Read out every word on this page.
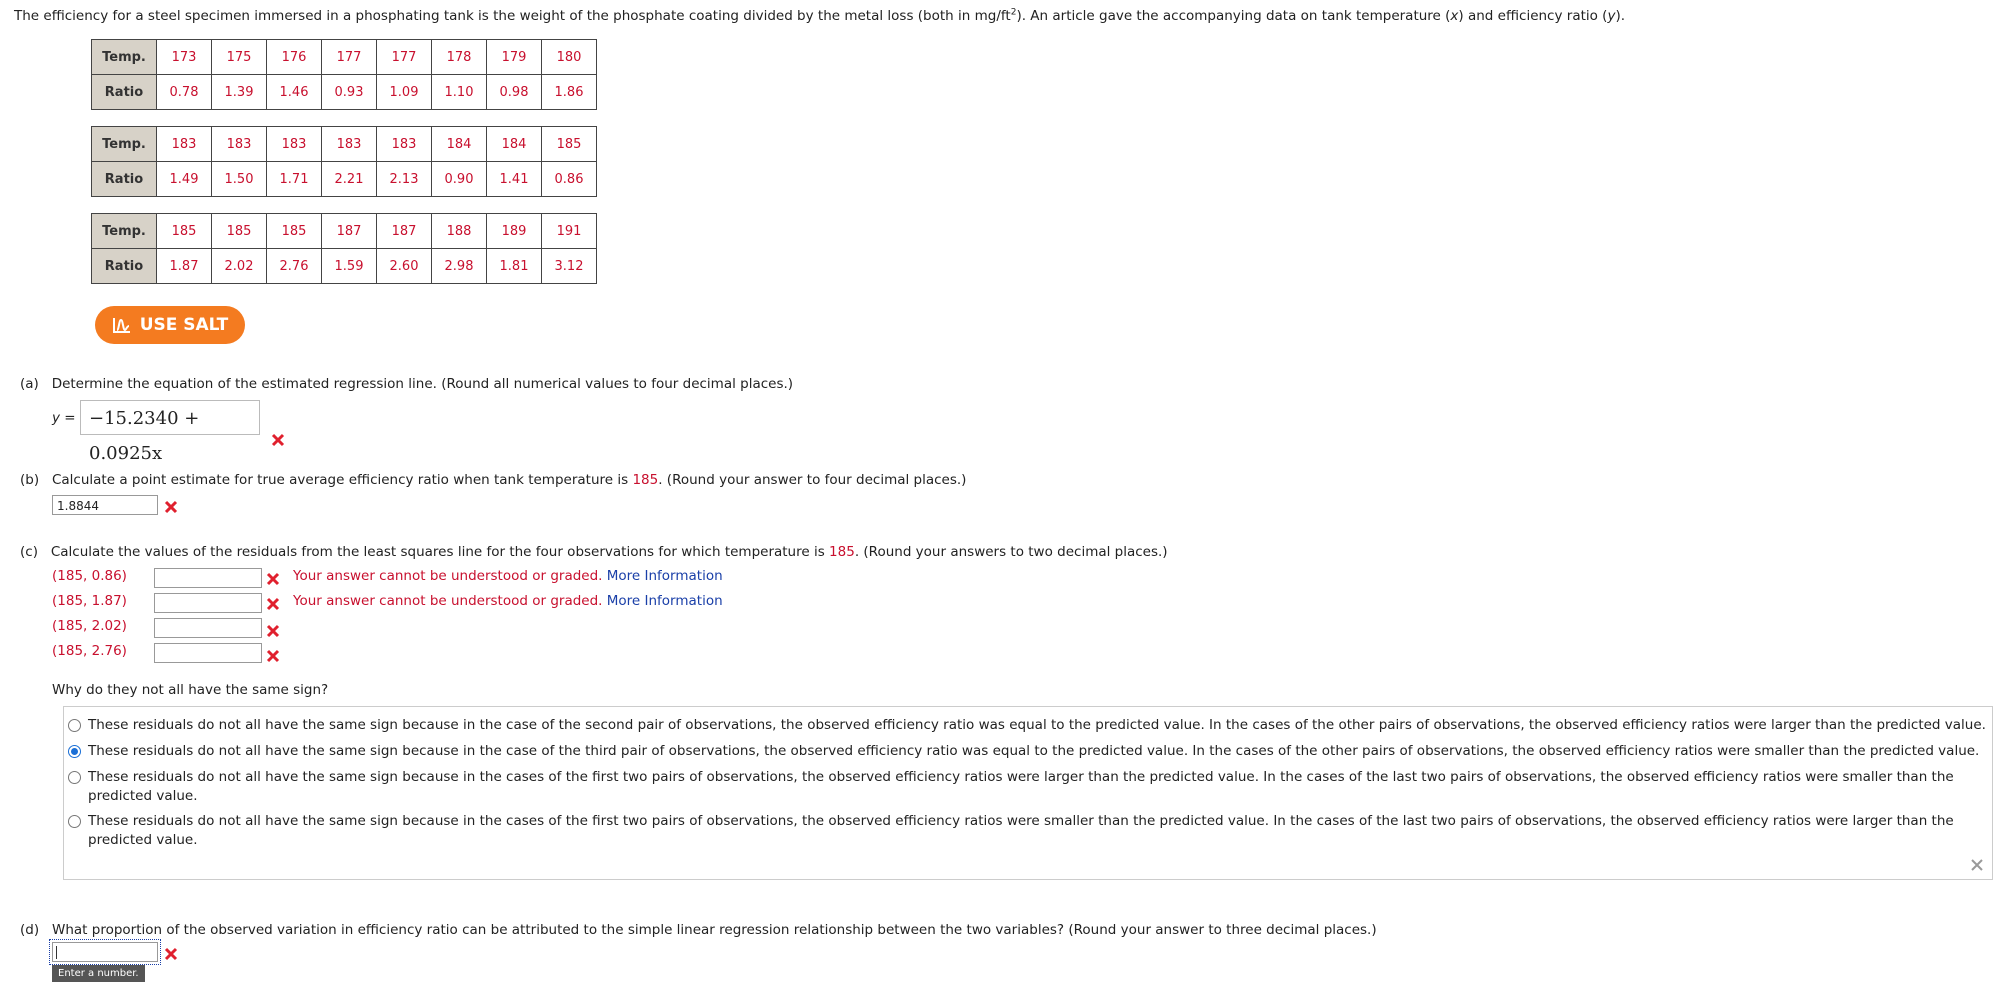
The efficiency for a steel specimen immersed in a phosphating tank is the weight of the phosphate coating divided by the metal loss (both in $mg/ft^2$). An article gave the accompanying data on tank temperature (x) and efficiency ratio (y).
Temp.	173	175	176	177	177	178	179	180
Ratio	0.78	1.39	1.46	0.93	1.09	1.10	0.98	1.86
Temp.	183	183	183	183	183	184	184	185
Ratio	1.49	1.50	1.71	2.21	2.13	0.90	1.41	0.86
Temp.	185	185	185	187	187	188	189	191
Ratio	1.87	2.02	2.76	1.59	2.60	2.98	1.81	3.12
USE SALT
(a) Determine the equation of the estimated regression line. (Round all numerical values to four decimal places.)
y = −15.2340 + 0.0925x
(b) Calculate a point estimate for true average efficiency ratio when tank temperature is 185. (Round your answer to four decimal places.)
1.8844
(c) Calculate the values of the residuals from the least squares line for the four observations for which temperature is 185. (Round your answers to two decimal places.)
(185, 0.86)	Your answer cannot be understood or graded. More Information
(185, 1.87)	Your answer cannot be understood or graded. More Information
(185, 2.02)
(185, 2.76)
Why do they not all have the same sign?
These residuals do not all have the same sign because in the case of the second pair of observations, the observed efficiency ratio was equal to the predicted value. In the cases of the other pairs of observations, the observed efficiency ratios were larger than the predicted value.
These residuals do not all have the same sign because in the case of the third pair of observations, the observed efficiency ratio was equal to the predicted value. In the cases of the other pairs of observations, the observed efficiency ratios were smaller than the predicted value.
These residuals do not all have the same sign because in the cases of the first two pairs of observations, the observed efficiency ratios were larger than the predicted value. In the cases of the last two pairs of observations, the observed efficiency ratios were smaller than the predicted value.
These residuals do not all have the same sign because in the cases of the first two pairs of observations, the observed efficiency ratios were smaller than the predicted value. In the cases of the last two pairs of observations, the observed efficiency ratios were larger than the predicted value.
(d) What proportion of the observed variation in efficiency ratio can be attributed to the simple linear regression relationship between the two variables? (Round your answer to three decimal places.)
Enter a number.
